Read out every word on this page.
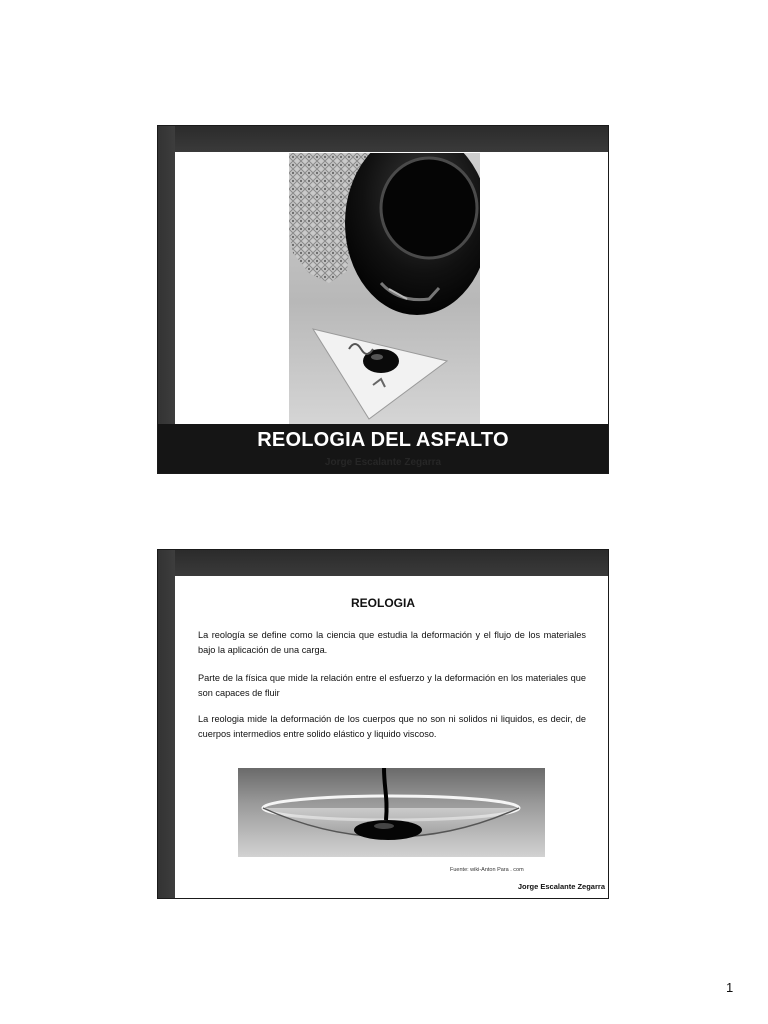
REOLOGIA DEL ASFALTO
Jorge Escalante Zegarra
REOLOGIA
La reología se define como la ciencia que estudia la deformación y el flujo de los materiales bajo la aplicación de una carga.
Parte de la física que mide la relación entre el esfuerzo y la deformación en los materiales que son capaces de fluir
La reologia mide la deformación de los cuerpos que no son ni solidos ni liquidos, es decir, de cuerpos intermedios entre solido elástico y liquido viscoso.
Fuente: wiki-Anton Para . com
Jorge Escalante Zegarra
1
